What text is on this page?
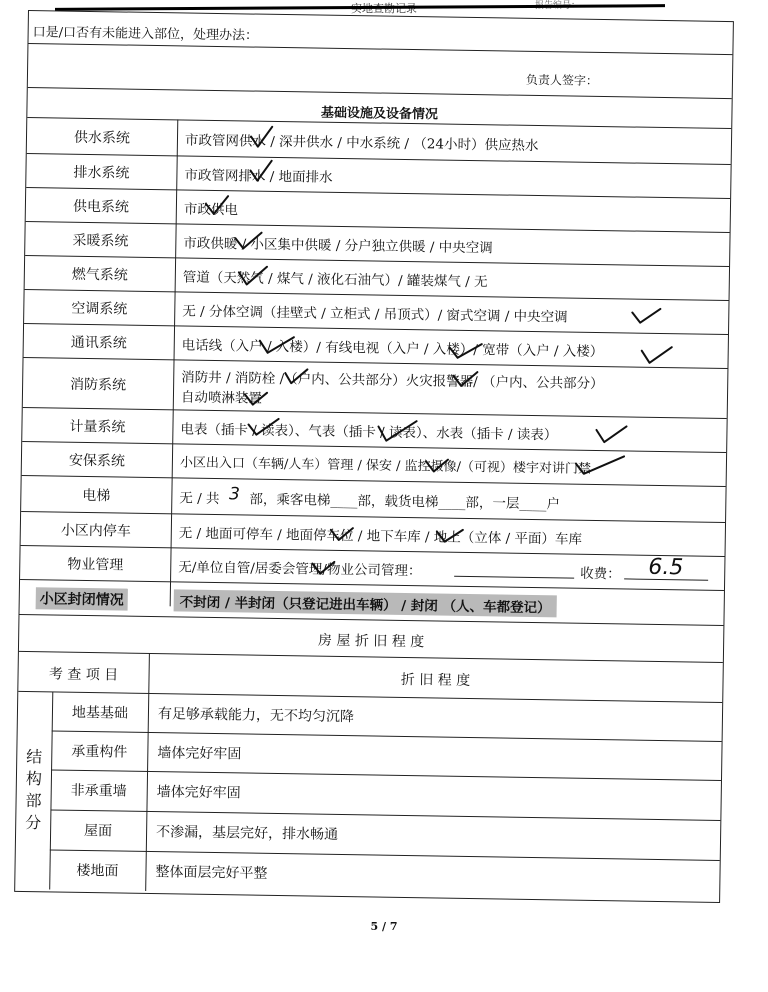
口是/口否有未能进入部位，处理办法：
负责人签字：
基础设施及设备情况
供水系统
排水系统
供电系统
采暖系统
燃气系统
空调系统
通讯系统
消防系统
计量系统
安保系统
电梯
小区内停车
物业管理
小区封闭情况
市政管网供水 / 深井供水 / 中水系统 / （24小时）供应热水
市政管网排水 / 地面排水
市政供电
市政供暖 / 小区集中供暖 / 分户独立供暖 / 中央空调
管道（天然气 / 煤气 / 液化石油气）/ 罐装煤气 / 无
无 / 分体空调（挂壁式 / 立柜式 / 吊顶式）/ 窗式空调 / 中央空调
电话线（入户 / 入楼）/ 有线电视（入户 / 入楼）/ 宽带（入户 / 入楼）
消防井 / 消防栓 /（户内、公共部分）火灾报警器/ （户内、公共部分）
自动喷淋装置
电表（插卡 / 读表）、气表（插卡 / 读表）、水表（插卡 / 读表）
小区出入口（车辆/人车）管理 / 保安 / 监控摄像/（可视）楼宇对讲门禁
无 / 共 3 部，乘客电梯____部，载货电梯____部，一层____户
无 / 地面可停车 / 地面停车位 / 地下车库 / 地上（立体 / 平面）车库
无/单位自管/居委会管理/物业公司管理：	收费： 6.5
不封闭 / 半封闭（只登记进出车辆） / 封闭 （人、车都登记）
房 屋 折 旧 程 度
考 查 项 目	折 旧 程 度
结构部分
地基基础
承重构件
非承重墙
屋面
楼地面
有足够承载能力，无不均匀沉降
墙体完好牢固
墙体完好牢固
不渗漏，基层完好，排水畅通
整体面层完好平整
5 / 7
